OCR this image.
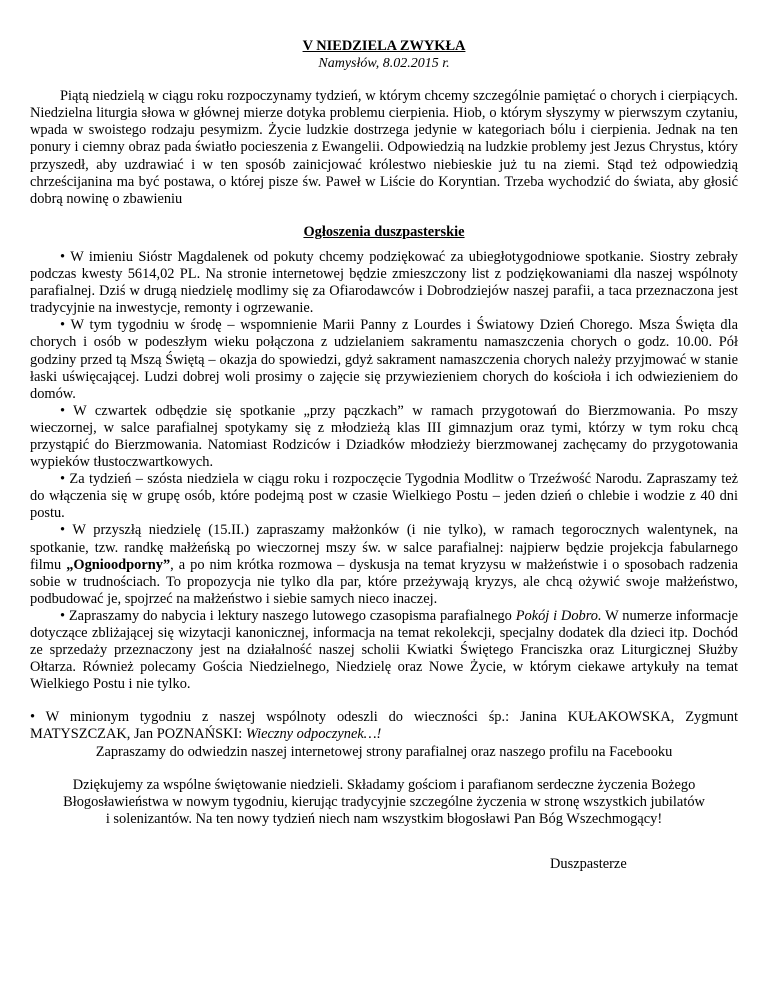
V NIEDZIELA ZWYKŁA
Namysłów, 8.02.2015 r.

Piątą niedzielą w ciągu roku rozpoczynamy tydzień, w którym chcemy szczególnie pamiętać o chorych i cierpiących. Niedzielna liturgia słowa w głównej mierze dotyka problemu cierpienia. Hiob, o którym słyszymy w pierwszym czytaniu, wpada w swoistego rodzaju pesymizm. Życie ludzkie dostrzega jedynie w kategoriach bólu i cierpienia. Jednak na ten ponury i ciemny obraz pada światło pocieszenia z Ewangelii. Odpowiedzią na ludzkie problemy jest Jezus Chrystus, który przyszedł, aby uzdrawiać i w ten sposób zainicjować królestwo niebieskie już tu na ziemi. Stąd też odpowiedzią chrześcijanina ma być postawa, o której pisze św. Paweł w Liście do Koryntian. Trzeba wychodzić do świata, aby głosić dobrą nowinę o zbawieniu

Ogłoszenia duszpasterskie

• W imieniu Sióstr Magdalenek od pokuty chcemy podziękować za ubiegłotygodniowe spotkanie. Siostry zebrały podczas kwesty 5614,02 PL. Na stronie internetowej będzie zmieszczony list z podziękowaniami dla naszej wspólnoty parafialnej. Dziś w drugą niedzielę modlimy się za Ofiarodawców i Dobrodziejów naszej parafii, a taca przeznaczona jest tradycyjnie na inwestycje, remonty i ogrzewanie.

• W tym tygodniu w środę – wspomnienie Marii Panny z Lourdes i Światowy Dzień Chorego. Msza Święta dla chorych i osób w podeszłym wieku połączona z udzielaniem sakramentu namaszczenia chorych o godz. 10.00. Pół godziny przed tą Mszą Świętą – okazja do spowiedzi, gdyż sakrament namaszczenia chorych należy przyjmować w stanie łaski uświęcającej. Ludzi dobrej woli prosimy o zajęcie się przywiezieniem chorych do kościoła i ich odwiezieniem do domów.

• W czwartek odbędzie się spotkanie „przy pączkach” w ramach przygotowań do Bierzmowania. Po mszy wieczornej, w salce parafialnej spotykamy się z młodzieżą klas III gimnazjum oraz tymi, którzy w tym roku chcą przystąpić do Bierzmowania. Natomiast Rodziców i Dziadków młodzieży bierzmowanej zachęcamy do przygotowania wypieków tłustoczwartkowych.

• Za tydzień – szósta niedziela w ciągu roku i rozpoczęcie Tygodnia Modlitw o Trzeźwość Narodu. Zapraszamy też do włączenia się w grupę osób, które podejmą post w czasie Wielkiego Postu – jeden dzień o chlebie i wodzie z 40 dni postu.

• W przyszłą niedzielę (15.II.) zapraszamy małżonków (i nie tylko), w ramach tegorocznych walentynek, na spotkanie, tzw. randkę małżeńską po wieczornej mszy św. w salce parafialnej: najpierw będzie projekcja fabularnego filmu „Ognioodporny”, a po nim krótka rozmowa – dyskusja na temat kryzysu w małżeństwie i o sposobach radzenia sobie w trudnościach. To propozycja nie tylko dla par, które przeżywają kryzys, ale chcą ożywić swoje małżeństwo, podbudować je, spojrzeć na małżeństwo i siebie samych nieco inaczej.

• Zapraszamy do nabycia i lektury naszego lutowego czasopisma parafialnego Pokój i Dobro. W numerze informacje dotyczące zbliżającej się wizytacji kanonicznej, informacja na temat rekolekcji, specjalny dodatek dla dzieci itp. Dochód ze sprzedaży przeznaczony jest na działalność naszej scholii Kwiatki Świętego Franciszka oraz Liturgicznej Służby Ołtarza. Również polecamy Gościa Niedzielnego, Niedzielę oraz Nowe Życie, w którym ciekawe artykuły na temat Wielkiego Postu i nie tylko.

• W minionym tygodniu z naszej wspólnoty odeszli do wieczności śp.: Janina KUŁAKOWSKA, Zygmunt MATYSZCZAK, Jan POZNAŃSKI: Wieczny odpoczynek…!

Zapraszamy do odwiedzin naszej internetowej strony parafialnej oraz naszego profilu na Facebooku

Dziękujemy za wspólne świętowanie niedzieli. Składamy gościom i parafianom serdeczne życzenia Bożego Błogosławieństwa w nowym tygodniu, kierując tradycyjnie szczególne życzenia w stronę wszystkich jubilatów i solenizantów. Na ten nowy tydzień niech nam wszystkim błogosławi Pan Bóg Wszechmogący!

Duszpasterze
